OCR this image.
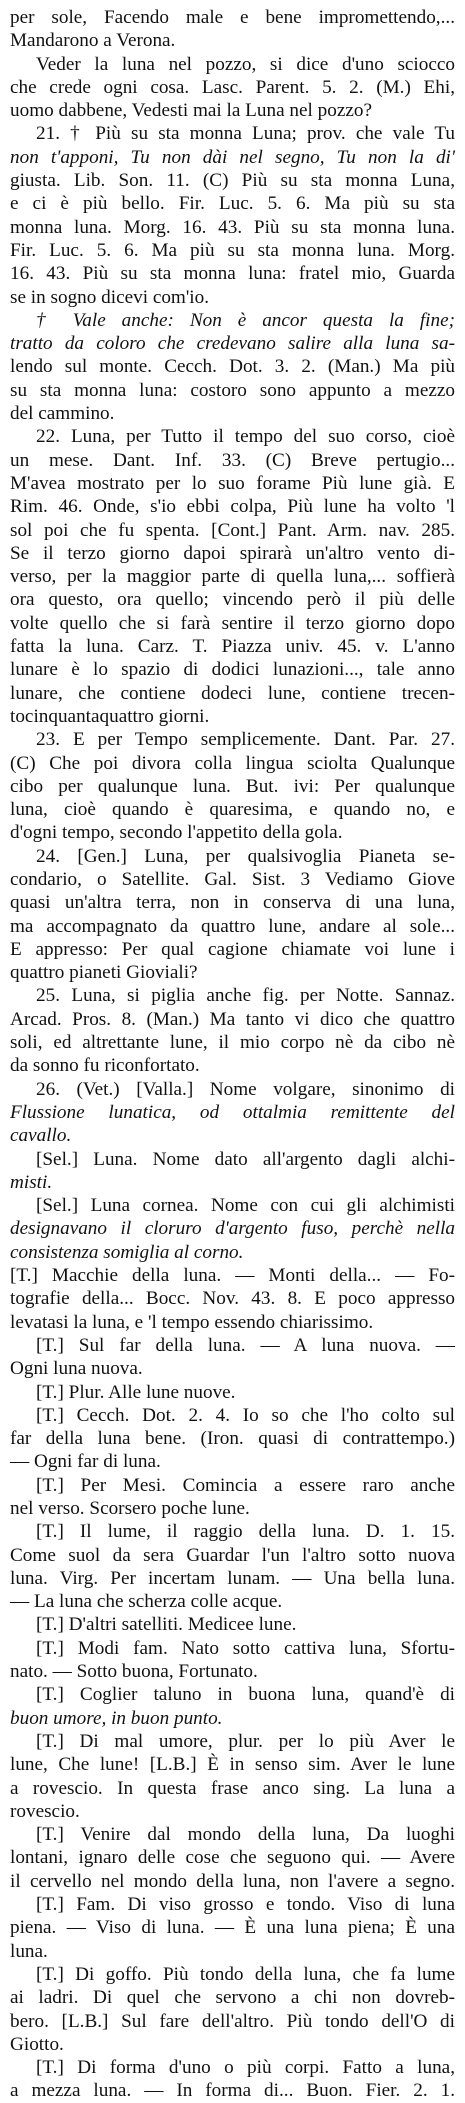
per sole, Facendo male e bene impromettendo,...
Mandarono a Verona.
Veder la luna nel pozzo, si dice d'uno sciocco
che crede ogni cosa. Lasc. Parent. 5. 2. (M.) Ehi,
uomo dabbene, Vedesti mai la Luna nel pozzo?
21. † Più su sta monna Luna; prov. che vale Tu
non t'apponi, Tu non dài nel segno, Tu non la di'
giusta. Lib. Son. 11. (C) Più su sta monna Luna,
e ci è più bello. Fir. Luc. 5. 6. Ma più su sta
monna luna. Morg. 16. 43. Più su sta monna luna.
Fir. Luc. 5. 6. Ma più su sta monna luna. Morg.
16. 43. Più su sta monna luna: fratel mio, Guarda
se in sogno dicevi com'io.
† Vale anche: Non è ancor questa la fine;
tratto da coloro che credevano salire alla luna sa-
lendo sul monte. Cecch. Dot. 3. 2. (Man.) Ma più
su sta monna luna: costoro sono appunto a mezzo
del cammino.
22. Luna, per Tutto il tempo del suo corso, cioè
un mese. Dant. Inf. 33. (C) Breve pertugio...
M'avea mostrato per lo suo forame Più lune già. E
Rim. 46. Onde, s'io ebbi colpa, Più lune ha volto 'l
sol poi che fu spenta. [Cont.] Pant. Arm. nav. 285.
Se il terzo giorno dapoi spirarà un'altro vento di-
verso, per la maggior parte di quella luna,... soffierà
ora questo, ora quello; vincendo però il più delle
volte quello che si farà sentire il terzo giorno dopo
fatta la luna. Carz. T. Piazza univ. 45. v. L'anno
lunare è lo spazio di dodici lunazioni..., tale anno
lunare, che contiene dodeci lune, contiene trecen-
tocinquantaquattro giorni.
23. E per Tempo semplicemente. Dant. Par. 27.
(C) Che poi divora colla lingua sciolta Qualunque
cibo per qualunque luna. But. ivi: Per qualunque
luna, cioè quando è quaresima, e quando no, e
d'ogni tempo, secondo l'appetito della gola.
24. [Gen.] Luna, per qualsivoglia Pianeta se-
condario, o Satellite. Gal. Sist. 3 Vediamo Giove
quasi un'altra terra, non in conserva di una luna,
ma accompagnato da quattro lune, andare al sole...
E appresso: Per qual cagione chiamate voi lune i
quattro pianeti Gioviali?
25. Luna, si piglia anche fig. per Notte. Sannaz.
Arcad. Pros. 8. (Man.) Ma tanto vi dico che quattro
soli, ed altrettante lune, il mio corpo nè da cibo nè
da sonno fu riconfortato.
26. (Vet.) [Valla.] Nome volgare, sinonimo di
Flussione lunatica, od ottalmia remittente del
cavallo.
[Sel.] Luna. Nome dato all'argento dagli alchi-
misti.
[Sel.] Luna cornea. Nome con cui gli alchimisti
designavano il cloruro d'argento fuso, perchè nella
consistenza somiglia al corno.
[T.] Macchie della luna. — Monti della... — Fo-
tografie della... Bocc. Nov. 43. 8. E poco appresso
levatasi la luna, e 'l tempo essendo chiarissimo.
[T.] Sul far della luna. — A luna nuova. —
Ogni luna nuova.
[T.] Plur. Alle lune nuove.
[T.] Cecch. Dot. 2. 4. Io so che l'ho colto sul
far della luna bene. (Iron. quasi di contrattempo.)
— Ogni far di luna.
[T.] Per Mesi. Comincia a essere raro anche
nel verso. Scorsero poche lune.
[T.] Il lume, il raggio della luna. D. 1. 15.
Come suol da sera Guardar l'un l'altro sotto nuova
luna. Virg. Per incertam lunam. — Una bella luna.
— La luna che scherza colle acque.
[T.] D'altri satelliti. Medicee lune.
[T.] Modi fam. Nato sotto cattiva luna, Sfortu-
nato. — Sotto buona, Fortunato.
[T.] Coglier taluno in buona luna, quand'è di
buon umore, in buon punto.
[T.] Di mal umore, plur. per lo più Aver le
lune, Che lune! [L.B.] È in senso sim. Aver le lune
a rovescio. In questa frase anco sing. La luna a
rovescio.
[T.] Venire dal mondo della luna, Da luoghi
lontani, ignaro delle cose che seguono qui. — Avere
il cervello nel mondo della luna, non l'avere a segno.
[T.] Fam. Di viso grosso e tondo. Viso di luna
piena. — Viso di luna. — È una luna piena; È una
luna.
[T.] Di goffo. Più tondo della luna, che fa lume
ai ladri. Di quel che servono a chi non dovreb-
bero. [L.B.] Sul fare dell'altro. Più tondo dell'O di
Giotto.
[T.] Di forma d'uno o più corpi. Fatto a luna,
a mezza luna. — In forma di... Buon. Fier. 2. 1.
